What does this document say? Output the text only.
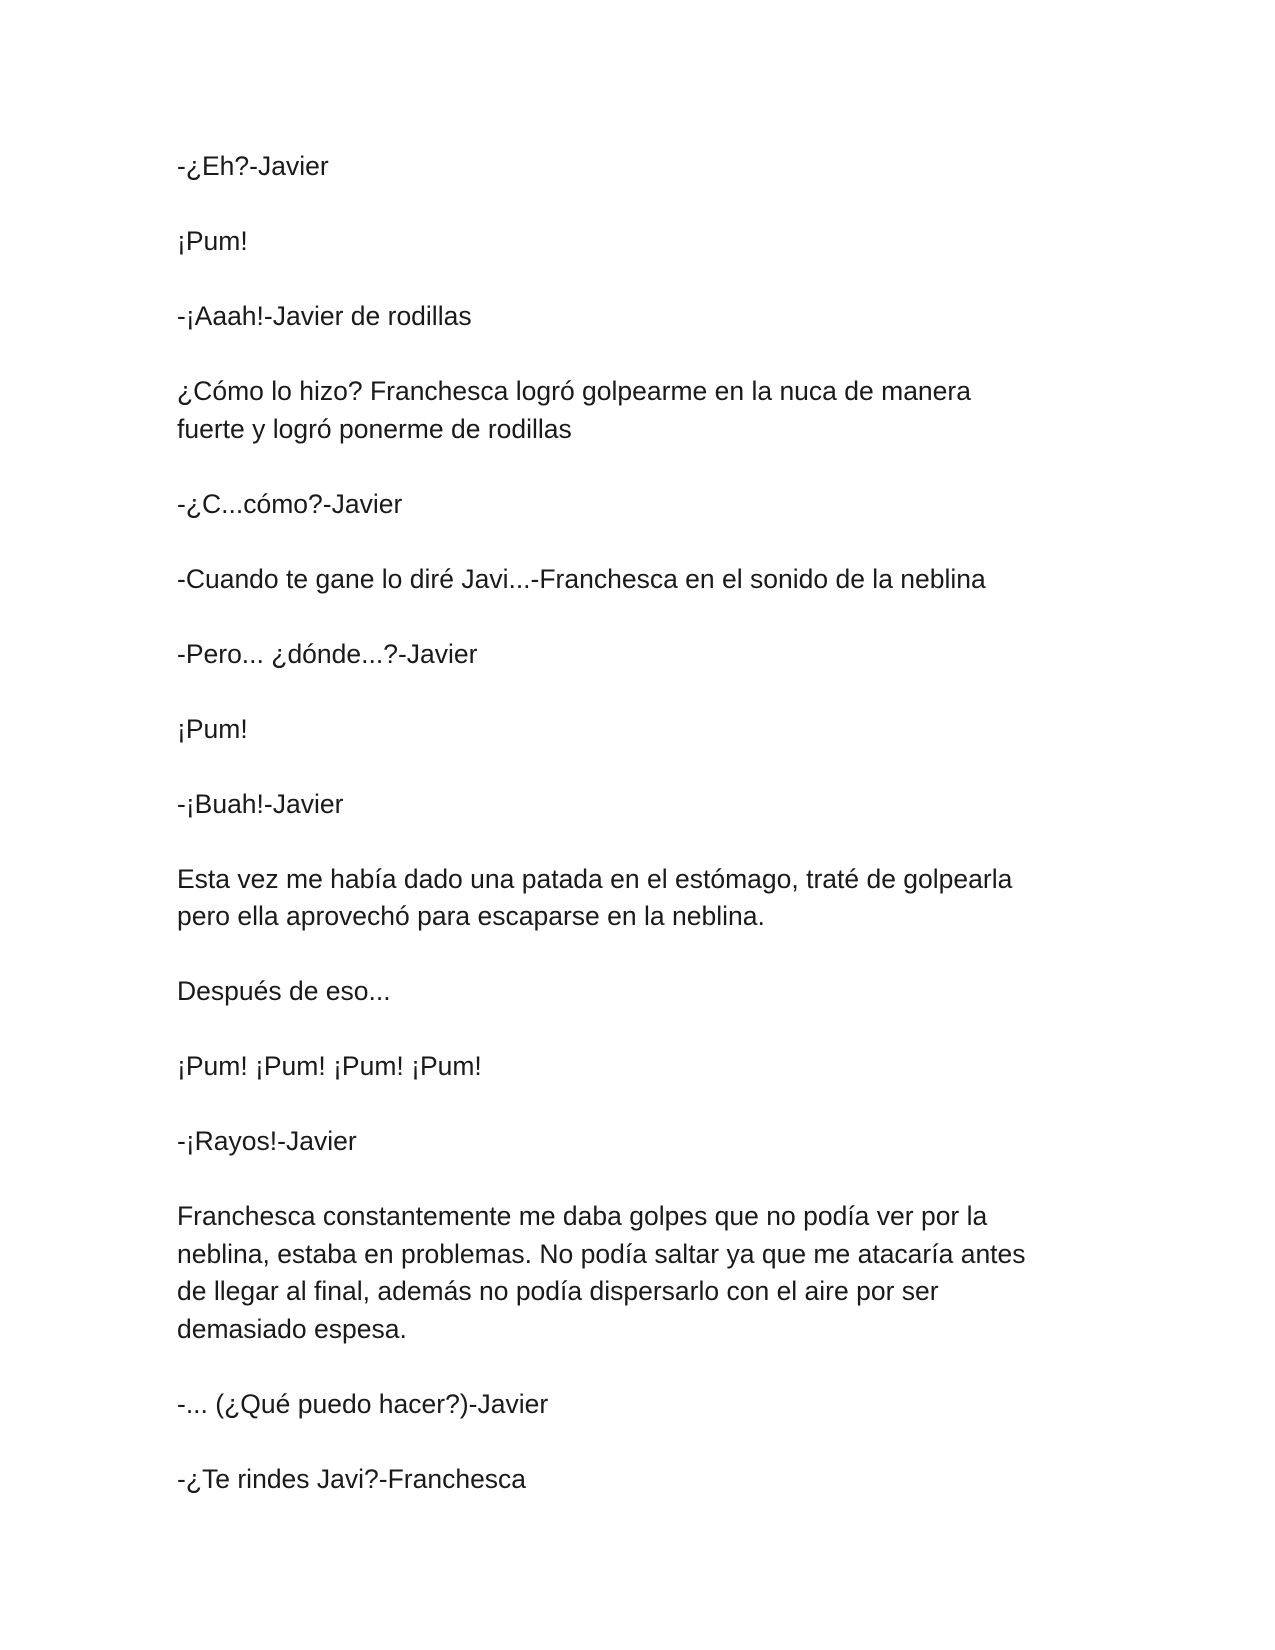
-¿Eh?-Javier

¡Pum!

-¡Aaah!-Javier de rodillas

¿Cómo lo hizo? Franchesca logró golpearme en la nuca de manera
fuerte y logró ponerme de rodillas

-¿C...cómo?-Javier

-Cuando te gane lo diré Javi...-Franchesca en el sonido de la neblina

-Pero... ¿dónde...?-Javier

¡Pum!

-¡Buah!-Javier

Esta vez me había dado una patada en el estómago, traté de golpearla
pero ella aprovechó para escaparse en la neblina.

Después de eso...

¡Pum! ¡Pum! ¡Pum! ¡Pum!

-¡Rayos!-Javier

Franchesca constantemente me daba golpes que no podía ver por la
neblina, estaba en problemas. No podía saltar ya que me atacaría antes
de llegar al final, además no podía dispersarlo con el aire por ser
demasiado espesa.

-... (¿Qué puedo hacer?)-Javier

-¿Te rindes Javi?-Franchesca
